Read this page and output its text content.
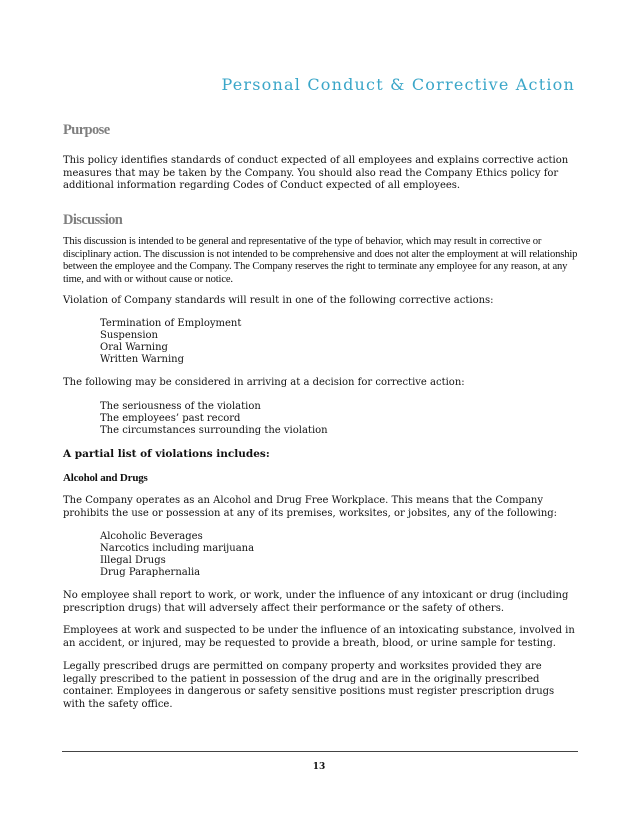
Personal Conduct & Corrective Action
Purpose

This policy identifies standards of conduct expected of all employees and explains corrective action measures that may be taken by the Company. You should also read the Company Ethics policy for additional information regarding Codes of Conduct expected of all employees.

Discussion

This discussion is intended to be general and representative of the type of behavior, which may result in corrective or disciplinary action. The discussion is not intended to be comprehensive and does not alter the employment at will relationship between the employee and the Company. The Company reserves the right to terminate any employee for any reason, at any time, and with or without cause or notice.

Violation of Company standards will result in one of the following corrective actions:

Termination of Employment
Suspension
Oral Warning
Written Warning

The following may be considered in arriving at a decision for corrective action:

The seriousness of the violation
The employees’ past record
The circumstances surrounding the violation
A partial list of violations includes:
Alcohol and Drugs

The Company operates as an Alcohol and Drug Free Workplace. This means that the Company prohibits the use or possession at any of its premises, worksites, or jobsites, any of the following:

Alcoholic Beverages
Narcotics including marijuana
Illegal Drugs
Drug Paraphernalia

No employee shall report to work, or work, under the influence of any intoxicant or drug (including prescription drugs) that will adversely affect their performance or the safety of others.

Employees at work and suspected to be under the influence of an intoxicating substance, involved in an accident, or injured, may be requested to provide a breath, blood, or urine sample for testing.

Legally prescribed drugs are permitted on company property and worksites provided they are legally prescribed to the patient in possession of the drug and are in the originally prescribed container. Employees in dangerous or safety sensitive positions must register prescription drugs with the safety office.

13
